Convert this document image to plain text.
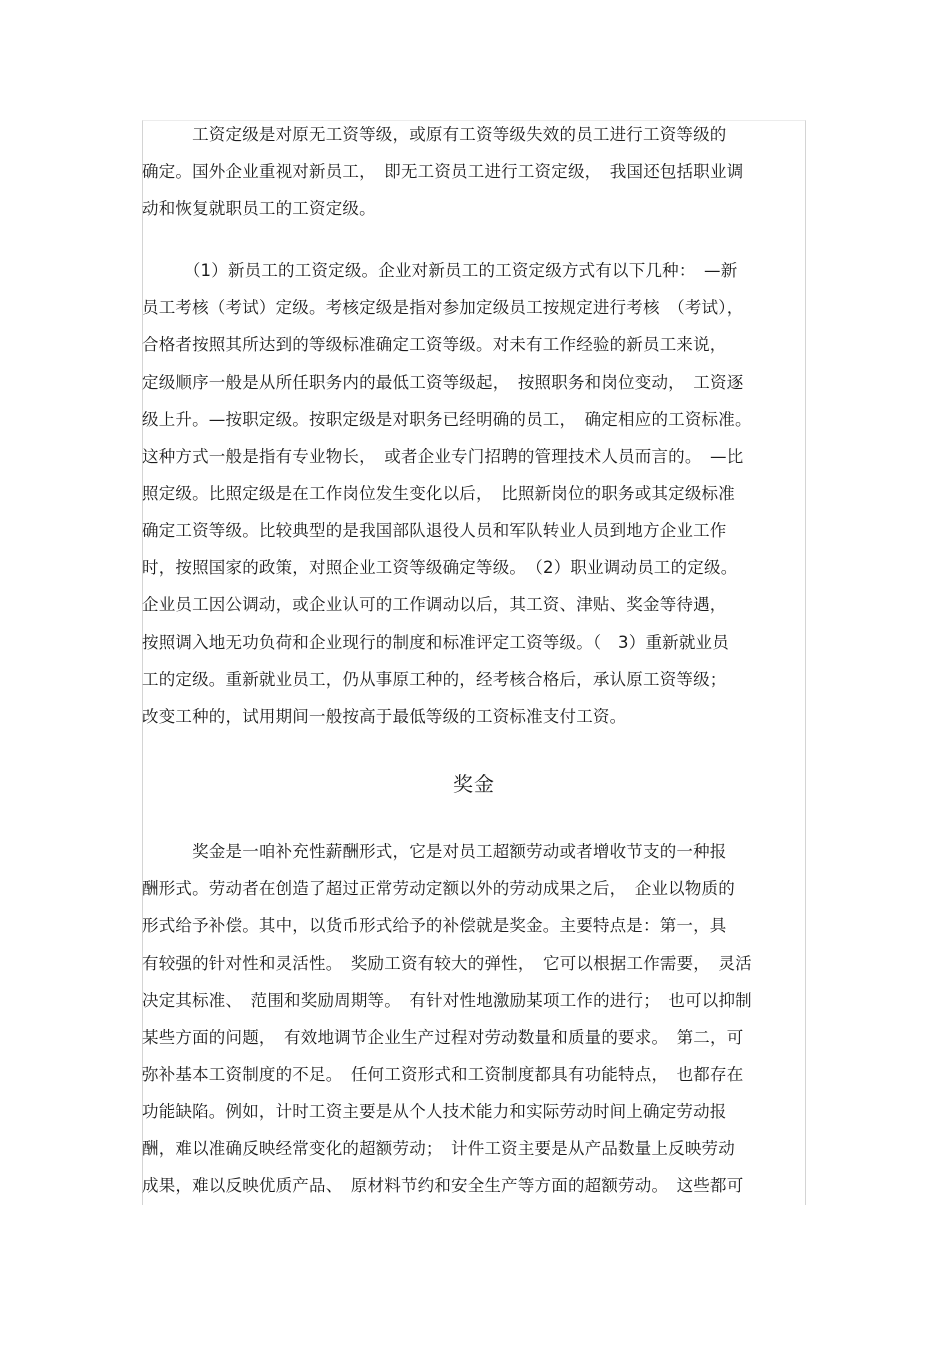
　　　工资定级是对原无工资等级，或原有工资等级失效的员工进行工资等级的
确定。国外企业重视对新员工，　即无工资员工进行工资定级，　我国还包括职业调
动和恢复就职员工的工资定级。
　　　（1）新员工的工资定级。企业对新员工的工资定级方式有以下几种：　—新
员工考核（考试）定级。考核定级是指对参加定级员工按规定进行考核　（考试），
合格者按照其所达到的等级标准确定工资等级。对未有工作经验的新员工来说，
定级顺序一般是从所任职务内的最低工资等级起，　按照职务和岗位变动，　工资逐
级上升。—按职定级。按职定级是对职务已经明确的员工，　确定相应的工资标准。
这种方式一般是指有专业物长，　或者企业专门招聘的管理技术人员而言的。　—比
照定级。比照定级是在工作岗位发生变化以后，　比照新岗位的职务或其定级标准
确定工资等级。比较典型的是我国部队退役人员和军队转业人员到地方企业工作
时，按照国家的政策，对照企业工资等级确定等级。　（2）职业调动员工的定级。
企业员工因公调动，或企业认可的工作调动以后，其工资、津贴、奖金等待遇，
按照调入地无功负荷和企业现行的制度和标准评定工资等级。（　3）重新就业员
工的定级。重新就业员工，仍从事原工种的，经考核合格后，承认原工资等级；
改变工种的，试用期间一般按高于最低等级的工资标准支付工资。
奖金
　　　奖金是一咱补充性薪酬形式，它是对员工超额劳动或者增收节支的一种报
酬形式。劳动者在创造了超过正常劳动定额以外的劳动成果之后，　企业以物质的
形式给予补偿。其中，以货币形式给予的补偿就是奖金。主要特点是：第一，具
有较强的针对性和灵活性。　奖励工资有较大的弹性，　它可以根据工作需要，　灵活
决定其标准、　范围和奖励周期等。　有针对性地激励某项工作的进行；　也可以抑制
某些方面的问题，　有效地调节企业生产过程对劳动数量和质量的要求。　第二，可
弥补基本工资制度的不足。　任何工资形式和工资制度都具有功能特点，　也都存在
功能缺陷。例如，计时工资主要是从个人技术能力和实际劳动时间上确定劳动报
酬，难以准确反映经常变化的超额劳动；　计件工资主要是从产品数量上反映劳动
成果，难以反映优质产品、　原材料节约和安全生产等方面的超额劳动。　这些都可
